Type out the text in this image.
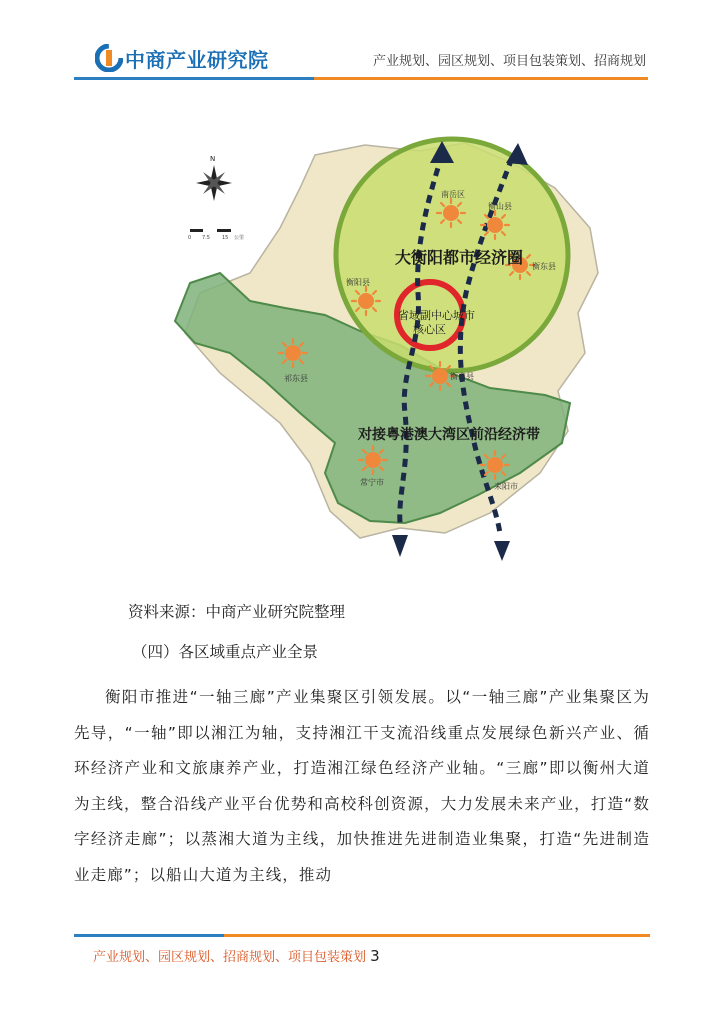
中商产业研究院	产业规划、园区规划、项目包装策划、招商规划
大衡阳都市经济圈
省域副中心城市
核心区
对接粤港澳大湾区前沿经济带
南岳区
衡山县
衡东县
衡阳县
衡南县
祁东县
常宁市	耒阳市
N
0 7.5 15 公里
资料来源：中商产业研究院整理
（四）各区域重点产业全景
衡阳市推进“一轴三廊”产业集聚区引领发展。以“一轴三廊”产业集聚区为先导，“一轴”即以湘江为轴，支持湘江干支流沿线重点发展绿色新兴产业、循环经济产业和文旅康养产业，打造湘江绿色经济产业轴。“三廊”即以衡州大道为主线，整合沿线产业平台优势和高校科创资源，大力发展未来产业，打造“数字经济走廊”；以蒸湘大道为主线，加快推进先进制造业集聚，打造“先进制造业走廊”；以船山大道为主线，推动
产业规划、园区规划、招商规划、项目包装策划 3
